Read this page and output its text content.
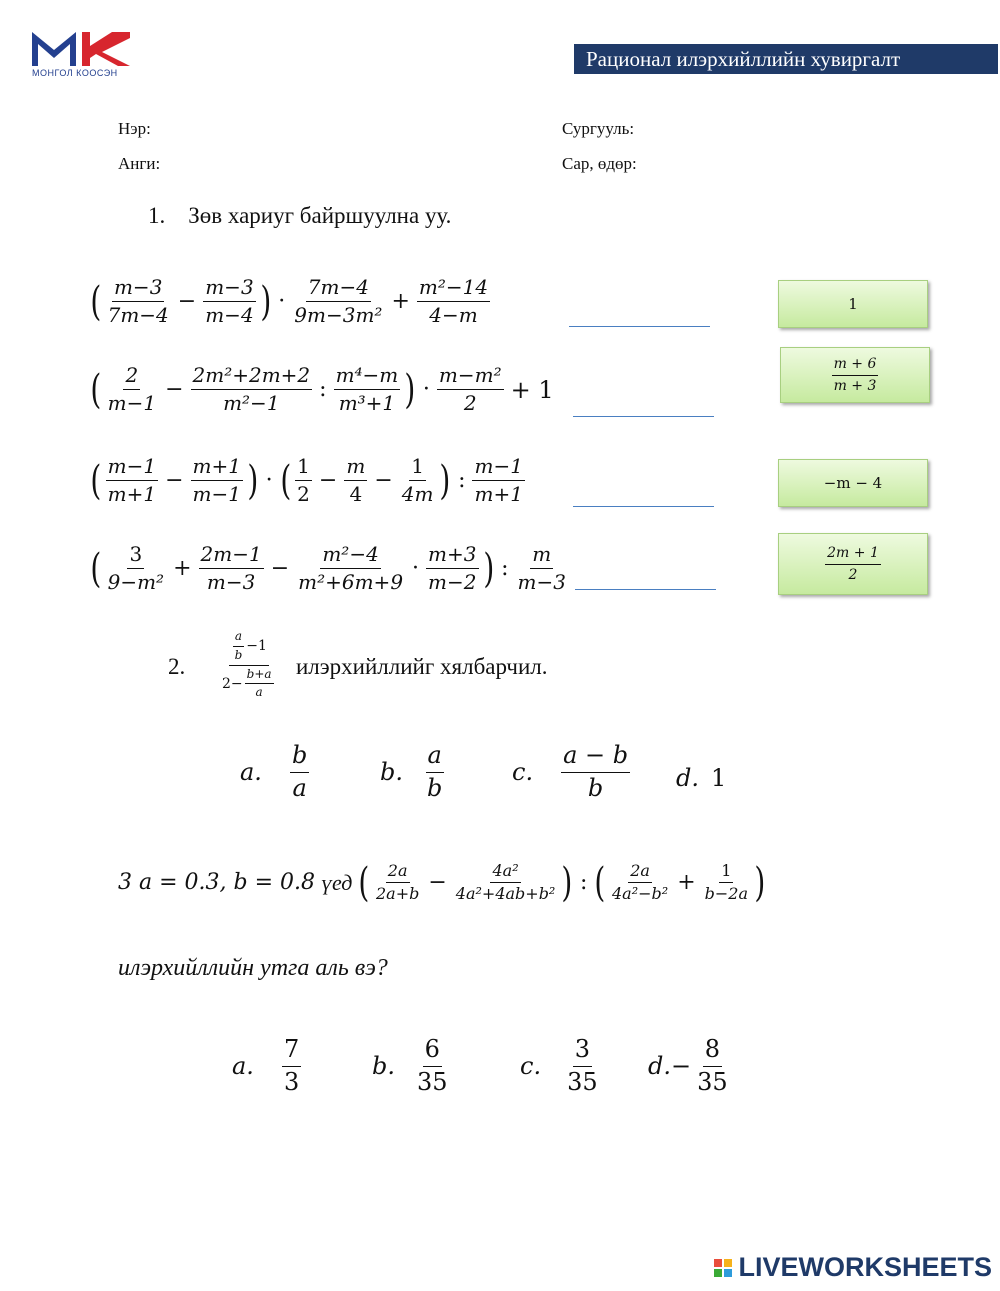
МОНГОЛ КООСЭН
Рационал илэрхийллийн хувиргалт
Нэр:
Анги:
Сургууль:
Сар, өдөр:
1.    Зөв хариуг байршуулна уу.
( $\frac{m-3}{7m-4} - \frac{m-3}{m-4}$ ) · $\frac{7m-4}{\text{9m−3m²}} + \frac{\text{m²−14}}{4-m}$
( $\frac{2}{m-1} - \frac{\text{2m²+2m+2}}{\text{m²−1}}$ : $\frac{\text{m⁴−m}}{\text{m³+1}}$ ) · $\frac{\text{m−m²}}{2} + 1$
( $\frac{m-1}{m+1} - \frac{m+1}{m-1}$ ) · ( $\frac{1}{2} - \frac{m}{4} - \frac{1}{4m}$ ) : $\frac{m-1}{m+1}$
( $\frac{3}{\text{9−m²}} + \frac{2m-1}{m-3} - \frac{\text{m²−4}}{\text{m²+6m+9}} \cdot \frac{m+3}{m-2}$ ) : $\frac{m}{m-3}$
1
$\frac{m + 6}{m + 3}$
−m − 4
$\frac{2m + 1}{2}$
2.	$\frac{\frac{a}{b} -1}{2- \frac{b+a}{a}}$ илэрхийллийг хялбарчил.
a. $\frac{b}{a}$	b. $\frac{a}{b}$	c. $\frac{a - b}{b} d$. 1
3 a = 0.3, b = 0.8 үед ( $\frac{2a}{2a+b} - \frac{\text{4a²}}{\text{4a²+4ab+b²}}$ ) : ( $\frac{2a}{\text{4a²−b²}} + \frac{1}{b-2a}$ )
илэрхийллийн утга аль вэ?
a. $\frac{7}{3}$	b. $\frac{6}{35}$	c. $\frac{3}{35} d.- \frac{8}{35}$
LIVEWORKSHEETS
